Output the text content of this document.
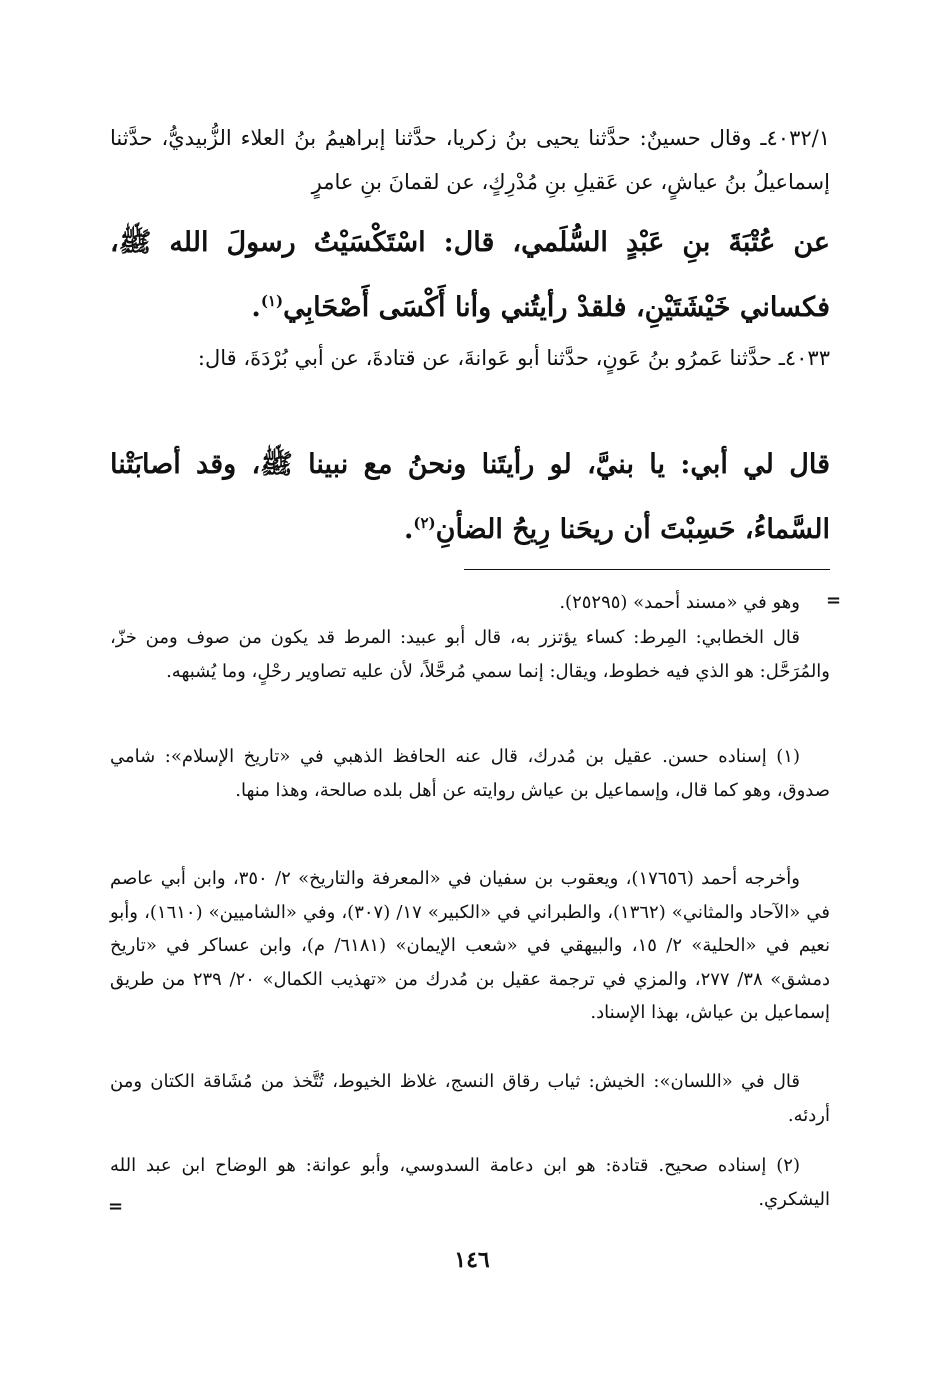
٤٠٣٢/١ـ وقال حسينٌ: حدَّثنا يحيى بنُ زكريا، حدَّثنا إبراهيمُ بنُ العلاء الزُّبيديُّ، حدَّثنا إسماعيلُ بنُ عياشٍ، عن عَقيلِ بنِ مُدْرِكٍ، عن لقمانَ بنِ عامرٍ

عن عُتْبَةَ بنِ عَبْدٍ السُّلَمي، قال: اسْتَكْسَيْتُ رسولَ الله ﷺ، فكساني خَيْشَتَيْنِ، فلقدْ رأيتُني وأنا أَكْسَى أَصْحَابِي$^{(١)}$.

٤٠٣٣ـ حدَّثنا عَمرُو بنُ عَونٍ، حدَّثنا أبو عَوانةَ، عن قتادةَ، عن أبي بُرْدَةَ، قال:

قال لي أبي: يا بنيَّ، لو رأيتَنا ونحنُ مع نبينا ﷺ، وقد أصابَتْنا السَّماءُ، حَسِبْتَ أن ريحَنا رِيحُ الضأنِ$^{(٢)}$.

=

وهو في «مسند أحمد» (٢٥٢٩٥).

قال الخطابي: المِرط: كساء يؤتزر به، قال أبو عبيد: المرط قد يكون من صوف ومن خزّ، والمُرَحَّل: هو الذي فيه خطوط، ويقال: إنما سمي مُرحَّلاً، لأن عليه تصاوير رحْلٍ، وما يُشبهه.

(١) إسناده حسن. عقيل بن مُدرك، قال عنه الحافظ الذهبي في «تاريخ الإسلام»: شامي صدوق، وهو كما قال، وإسماعيل بن عياش روايته عن أهل بلده صالحة، وهذا منها.

وأخرجه أحمد (١٧٦٥٦)، ويعقوب بن سفيان في «المعرفة والتاريخ» ٢/ ٣٥٠، وابن أبي عاصم في «الآحاد والمثاني» (١٣٦٢)، والطبراني في «الكبير» ١٧/ (٣٠٧)، وفي «الشاميين» (١٦١٠)، وأبو نعيم في «الحلية» ٢/ ١٥، والبيهقي في «شعب الإيمان» (٦١٨١/ م)، وابن عساكر في «تاريخ دمشق» ٣٨/ ٢٧٧، والمزي في ترجمة عقيل بن مُدرك من «تهذيب الكمال» ٢٠/ ٢٣٩ من طريق إسماعيل بن عياش، بهذا الإسناد.

قال في «اللسان»: الخيش: ثياب رقاق النسج، غلاظ الخيوط، تُتَّخذ من مُشَاقة الكتان ومن أردئه.

(٢) إسناده صحيح. قتادة: هو ابن دعامة السدوسي، وأبو عوانة: هو الوضاح ابن عبد الله اليشكري.

=
١٤٦
